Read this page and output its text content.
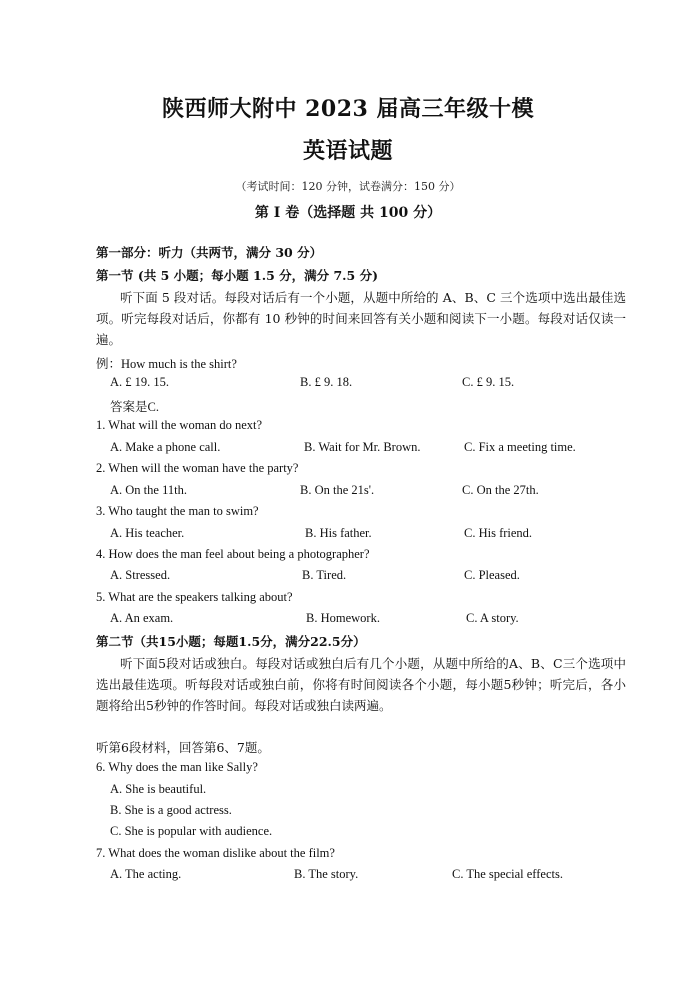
陕西师大附中 2023 届高三年级十模
英语试题
（考试时间：120 分钟，试卷满分：150 分）
第 I 卷（选择题 共 100 分）
第一部分：听力（共两节，满分 30 分）
第一节 (共 5 小题；每小题 1.5 分，满分 7.5 分)
听下面 5 段对话。每段对话后有一个小题，从题中所给的 A、B、C 三个选项中选出最佳选项。听完每段对话后，你都有 10 秒钟的时间来回答有关小题和阅读下一小题。每段对话仅读一遍。
例：How much is the shirt?
A. £ 19. 15.	B. £ 9. 18.	C. £ 9. 15.
答案是C.
1. What will the woman do next?
A. Make a phone call.	B. Wait for Mr. Brown.	C. Fix a meeting time.
2. When will the woman have the party?
A. On the 11th.	B. On the 21s'.	C. On the 27th.
3. Who taught the man to swim?
A. His teacher.	B. His father.	C. His friend.
4. How does the man feel about being a photographer?
A. Stressed.	B. Tired.	C. Pleased.
5. What are the speakers talking about?
A. An exam.	B. Homework.	C. A story.
第二节（共15小题；每题1.5分，满分22.5分）
听下面5段对话或独白。每段对话或独白后有几个小题，从题中所给的A、B、C三个选项中选出最佳选项。听每段对话或独白前，你将有时间阅读各个小题，每小题5秒钟；听完后，各小题将给出5秒钟的作答时间。每段对话或独白读两遍。
听第6段材料，回答第6、7题。
6. Why does the man like Sally?
A. She is beautiful.
B. She is a good actress.
C. She is popular with audience.
7. What does the woman dislike about the film?
A. The acting.	B. The story.	C. The special effects.
